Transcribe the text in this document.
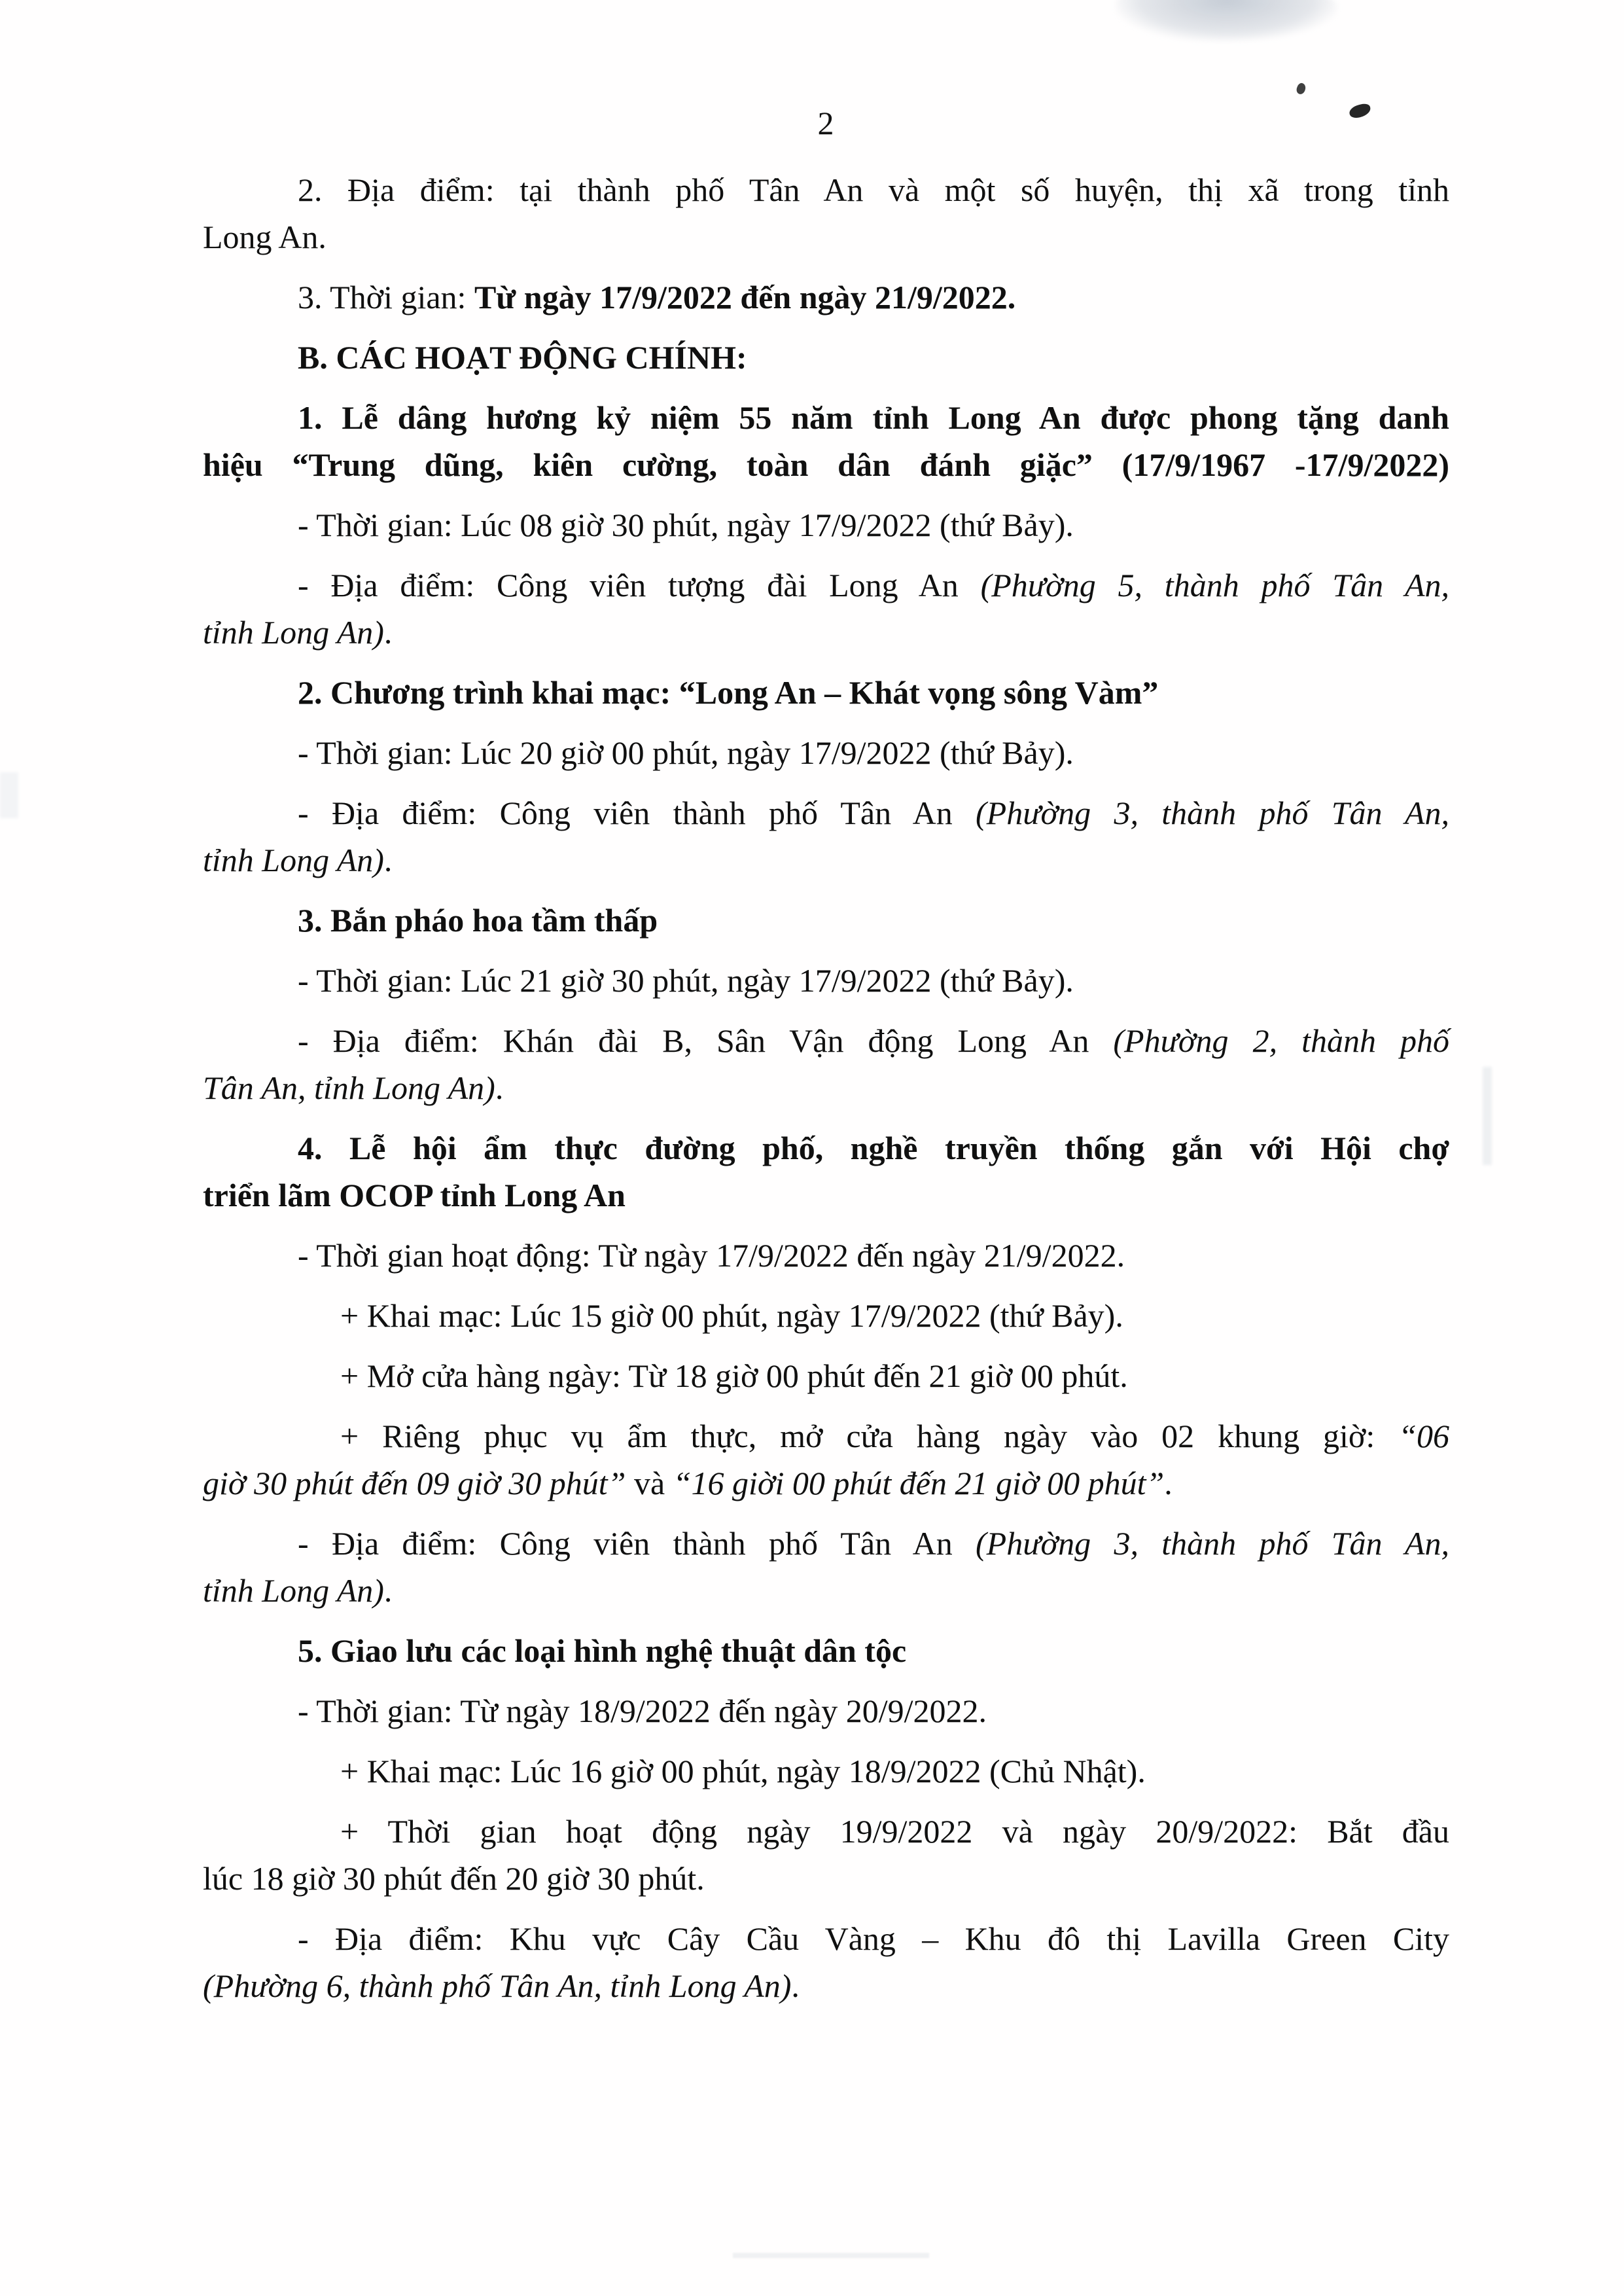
2
2. Địa điểm: tại thành phố Tân An và một số huyện, thị xã trong tỉnh
Long An.
3. Thời gian: Từ ngày 17/9/2022 đến ngày 21/9/2022.
B. CÁC HOẠT ĐỘNG CHÍNH:
1. Lễ dâng hương kỷ niệm 55 năm tỉnh Long An được phong tặng danh
hiệu “Trung dũng, kiên cường, toàn dân đánh giặc” (17/9/1967 -17/9/2022)
- Thời gian: Lúc 08 giờ 30 phút, ngày 17/9/2022 (thứ Bảy).
- Địa điểm: Công viên tượng đài Long An (Phường 5, thành phố Tân An,
tỉnh Long An).
2. Chương trình khai mạc: “Long An – Khát vọng sông Vàm”
- Thời gian: Lúc 20 giờ 00 phút, ngày 17/9/2022 (thứ Bảy).
- Địa điểm: Công viên thành phố Tân An (Phường 3, thành phố Tân An,
tỉnh Long An).
3. Bắn pháo hoa tầm thấp
- Thời gian: Lúc 21 giờ 30 phút, ngày 17/9/2022 (thứ Bảy).
- Địa điểm: Khán đài B, Sân Vận động Long An (Phường 2, thành phố
Tân An, tỉnh Long An).
4. Lễ hội ẩm thực đường phố, nghề truyền thống gắn với Hội chợ
triển lãm OCOP tỉnh Long An
- Thời gian hoạt động: Từ ngày 17/9/2022 đến ngày 21/9/2022.
+ Khai mạc: Lúc 15 giờ 00 phút, ngày 17/9/2022 (thứ Bảy).
+ Mở cửa hàng ngày: Từ 18 giờ 00 phút đến 21 giờ 00 phút.
+ Riêng phục vụ ẩm thực, mở cửa hàng ngày vào 02 khung giờ: “06
giờ 30 phút đến 09 giờ 30 phút” và “16 giời 00 phút đến 21 giờ 00 phút”.
- Địa điểm: Công viên thành phố Tân An (Phường 3, thành phố Tân An,
tỉnh Long An).
5. Giao lưu các loại hình nghệ thuật dân tộc
- Thời gian: Từ ngày 18/9/2022 đến ngày 20/9/2022.
+ Khai mạc: Lúc 16 giờ 00 phút, ngày 18/9/2022 (Chủ Nhật).
+ Thời gian hoạt động ngày 19/9/2022 và ngày 20/9/2022: Bắt đầu
lúc 18 giờ 30 phút đến 20 giờ 30 phút.
- Địa điểm: Khu vực Cây Cầu Vàng – Khu đô thị Lavilla Green City
(Phường 6, thành phố Tân An, tỉnh Long An).
